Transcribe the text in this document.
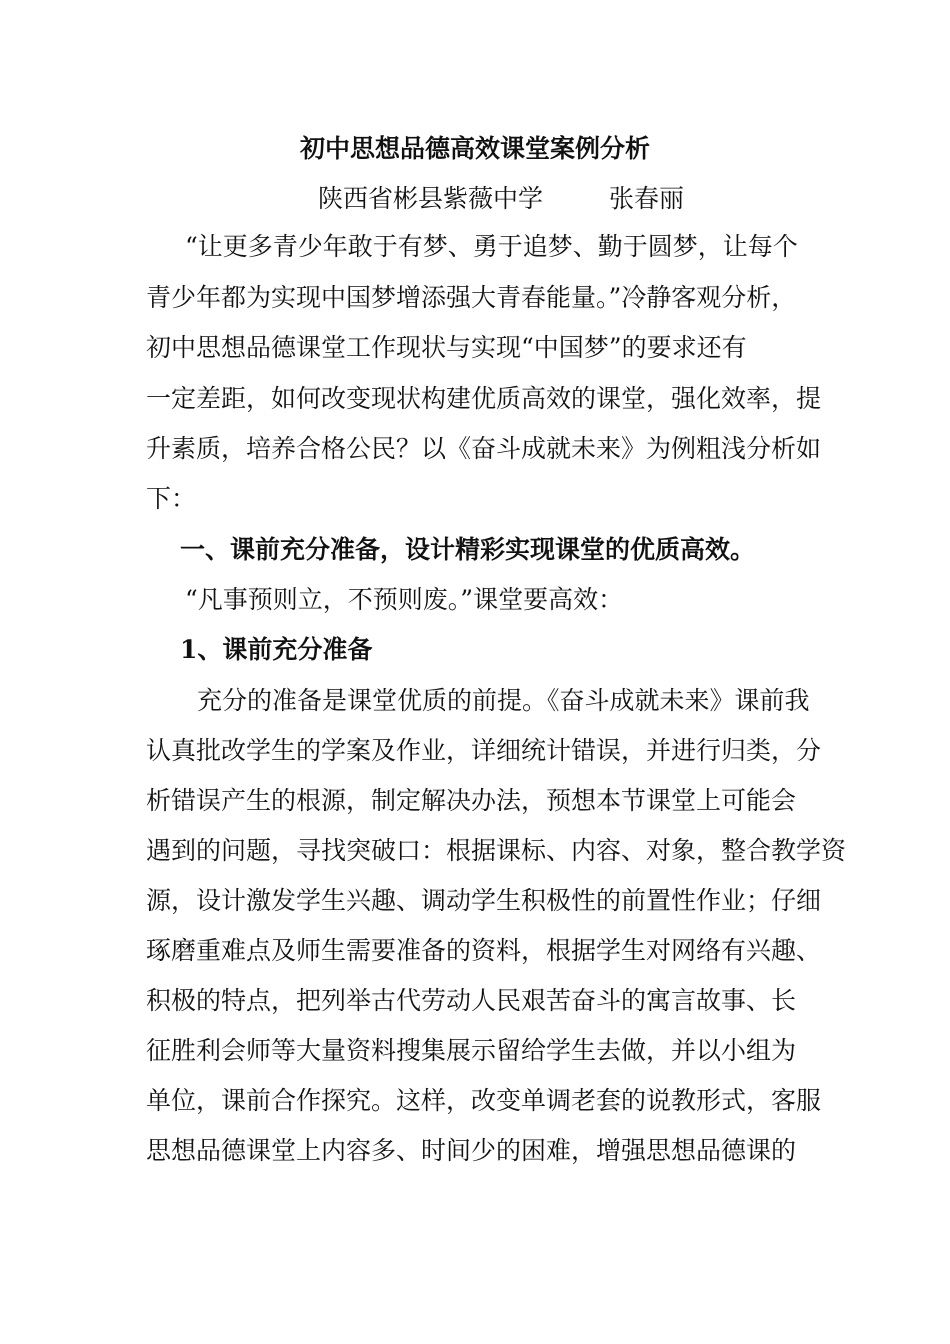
初中思想品德高效课堂案例分析
陕西省彬县紫薇中学	张春丽
“让更多青少年敢于有梦、勇于追梦、勤于圆梦，让每个
青少年都为实现中国梦增添强大青春能量。”冷静客观分析，
初中思想品德课堂工作现状与实现“中国梦”的要求还有
一定差距，如何改变现状构建优质高效的课堂，强化效率，提
升素质，培养合格公民？以《奋斗成就未来》为例粗浅分析如
下：
一、课前充分准备，设计精彩实现课堂的优质高效。
“凡事预则立，不预则废。”课堂要高效：
1、课前充分准备
充分的准备是课堂优质的前提。《奋斗成就未来》课前我
认真批改学生的学案及作业，详细统计错误，并进行归类，分
析错误产生的根源，制定解决办法，预想本节课堂上可能会
遇到的问题，寻找突破口：根据课标、内容、对象，整合教学资
源，设计激发学生兴趣、调动学生积极性的前置性作业；仔细
琢磨重难点及师生需要准备的资料，根据学生对网络有兴趣、
积极的特点，把列举古代劳动人民艰苦奋斗的寓言故事、长
征胜利会师等大量资料搜集展示留给学生去做，并以小组为
单位，课前合作探究。这样，改变单调老套的说教形式，客服
思想品德课堂上内容多、时间少的困难，增强思想品德课的
